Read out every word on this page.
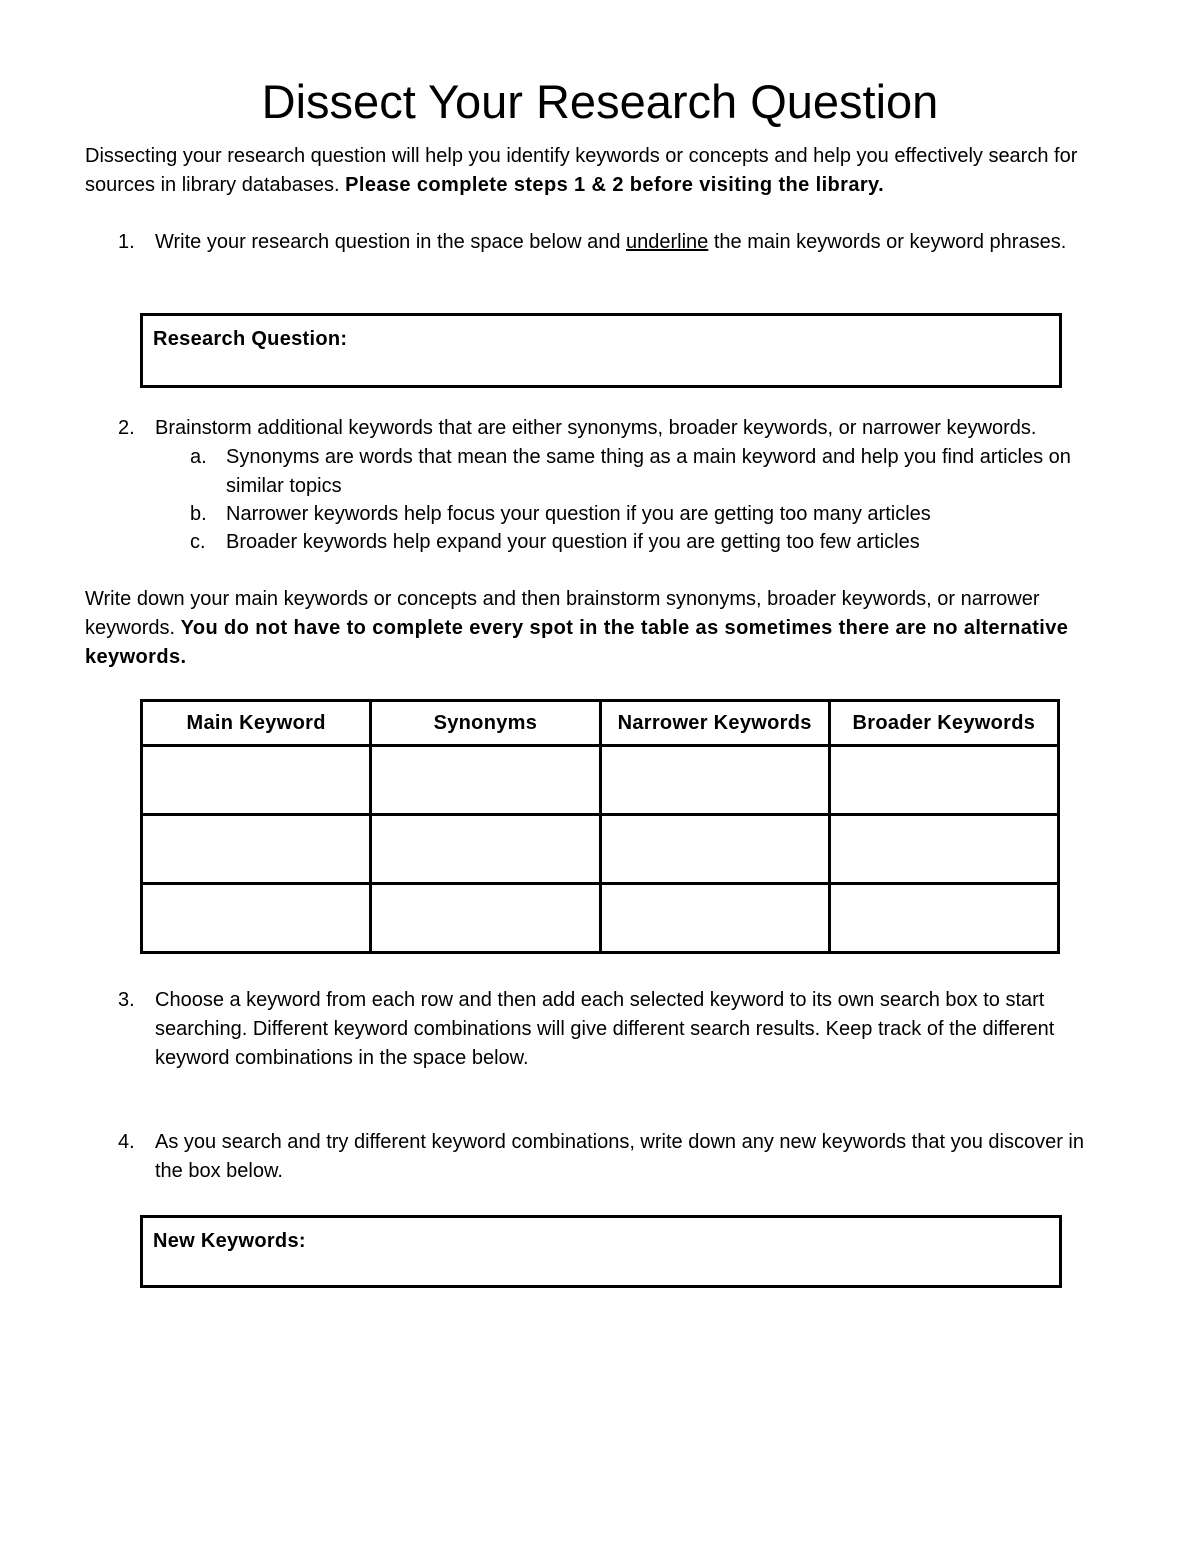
Dissect Your Research Question

Dissecting your research question will help you identify keywords or concepts and help you effectively search for sources in library databases. Please complete steps 1 & 2 before visiting the library.

1.	Write your research question in the space below and underline the main keywords or keyword phrases.
Research Question:
2.	Brainstorm additional keywords that are either synonyms, broader keywords, or narrower keywords.
a. Synonyms are words that mean the same thing as a main keyword and help you find articles on similar topics
b. Narrower keywords help focus your question if you are getting too many articles
c.	Broader keywords help expand your question if you are getting too few articles

Write down your main keywords or concepts and then brainstorm synonyms, broader keywords, or narrower keywords. You do not have to complete every spot in the table as sometimes there are no alternative keywords.

Main Keyword	Synonyms	Narrower Keywords	Broader Keywords

3.	Choose a keyword from each row and then add each selected keyword to its own search box to start searching. Different keyword combinations will give different search results. Keep track of the different keyword combinations in the space below.
4.	As you search and try different keyword combinations, write down any new keywords that you discover in the box below.
New Keywords:
